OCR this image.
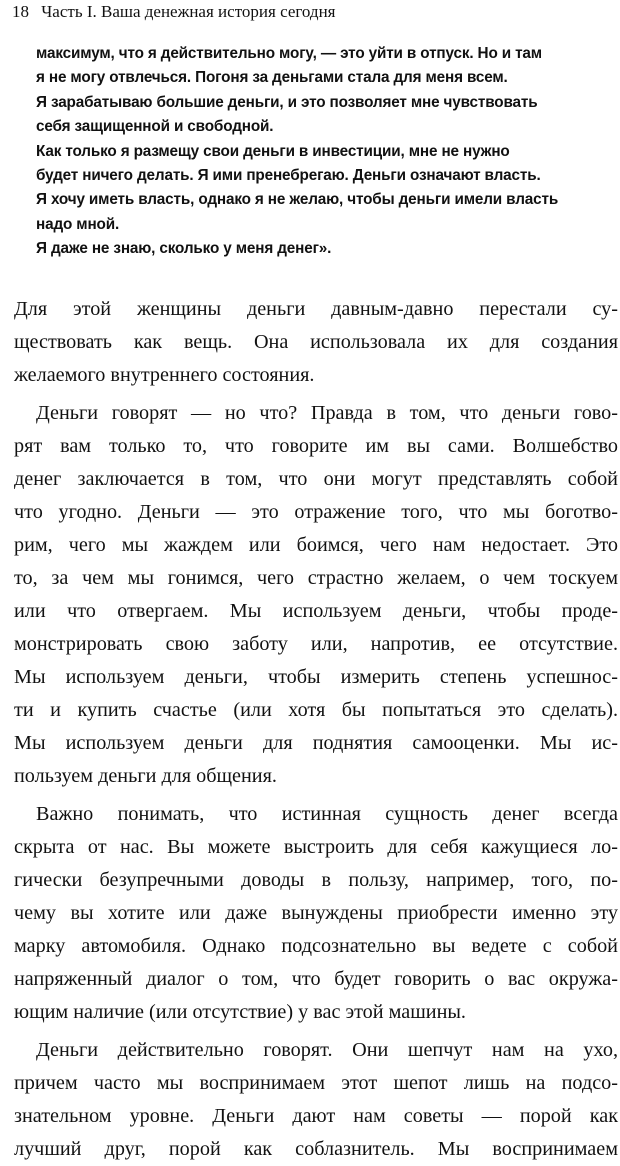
18 Часть I. Ваша денежная история сегодня
максимум, что я действительно могу, — это уйти в отпуск. Но и там
я не могу отвлечься. Погоня за деньгами стала для меня всем.
Я зарабатываю большие деньги, и это позволяет мне чувствовать
себя защищенной и свободной.
Как только я размещу свои деньги в инвестиции, мне не нужно
будет ничего делать. Я ими пренебрегаю. Деньги означают власть.
Я хочу иметь власть, однако я не желаю, чтобы деньги имели власть
надо мной.
Я даже не знаю, сколько у меня денег».
Для этой женщины деньги давным-давно перестали су-
ществовать как вещь. Она использовала их для создания
желаемого внутреннего состояния.
Деньги говорят — но что? Правда в том, что деньги гово-
рят вам только то, что говорите им вы сами. Волшебство
денег заключается в том, что они могут представлять собой
что угодно. Деньги — это отражение того, что мы боготво-
рим, чего мы жаждем или боимся, чего нам недостает. Это
то, за чем мы гонимся, чего страстно желаем, о чем тоскуем
или что отвергаем. Мы используем деньги, чтобы проде-
монстрировать свою заботу или, напротив, ее отсутствие.
Мы используем деньги, чтобы измерить степень успешнос-
ти и купить счастье (или хотя бы попытаться это сделать).
Мы используем деньги для поднятия самооценки. Мы ис-
пользуем деньги для общения.
Важно понимать, что истинная сущность денег всегда
скрыта от нас. Вы можете выстроить для себя кажущиеся ло-
гически безупречными доводы в пользу, например, того, по-
чему вы хотите или даже вынуждены приобрести именно эту
марку автомобиля. Однако подсознательно вы ведете с собой
напряженный диалог о том, что будет говорить о вас окружа-
ющим наличие (или отсутствие) у вас этой машины.
Деньги действительно говорят. Они шепчут нам на ухо,
причем часто мы воспринимаем этот шепот лишь на подсо-
знательном уровне. Деньги дают нам советы — порой как
лучший друг, порой как соблазнитель. Мы воспринимаем
